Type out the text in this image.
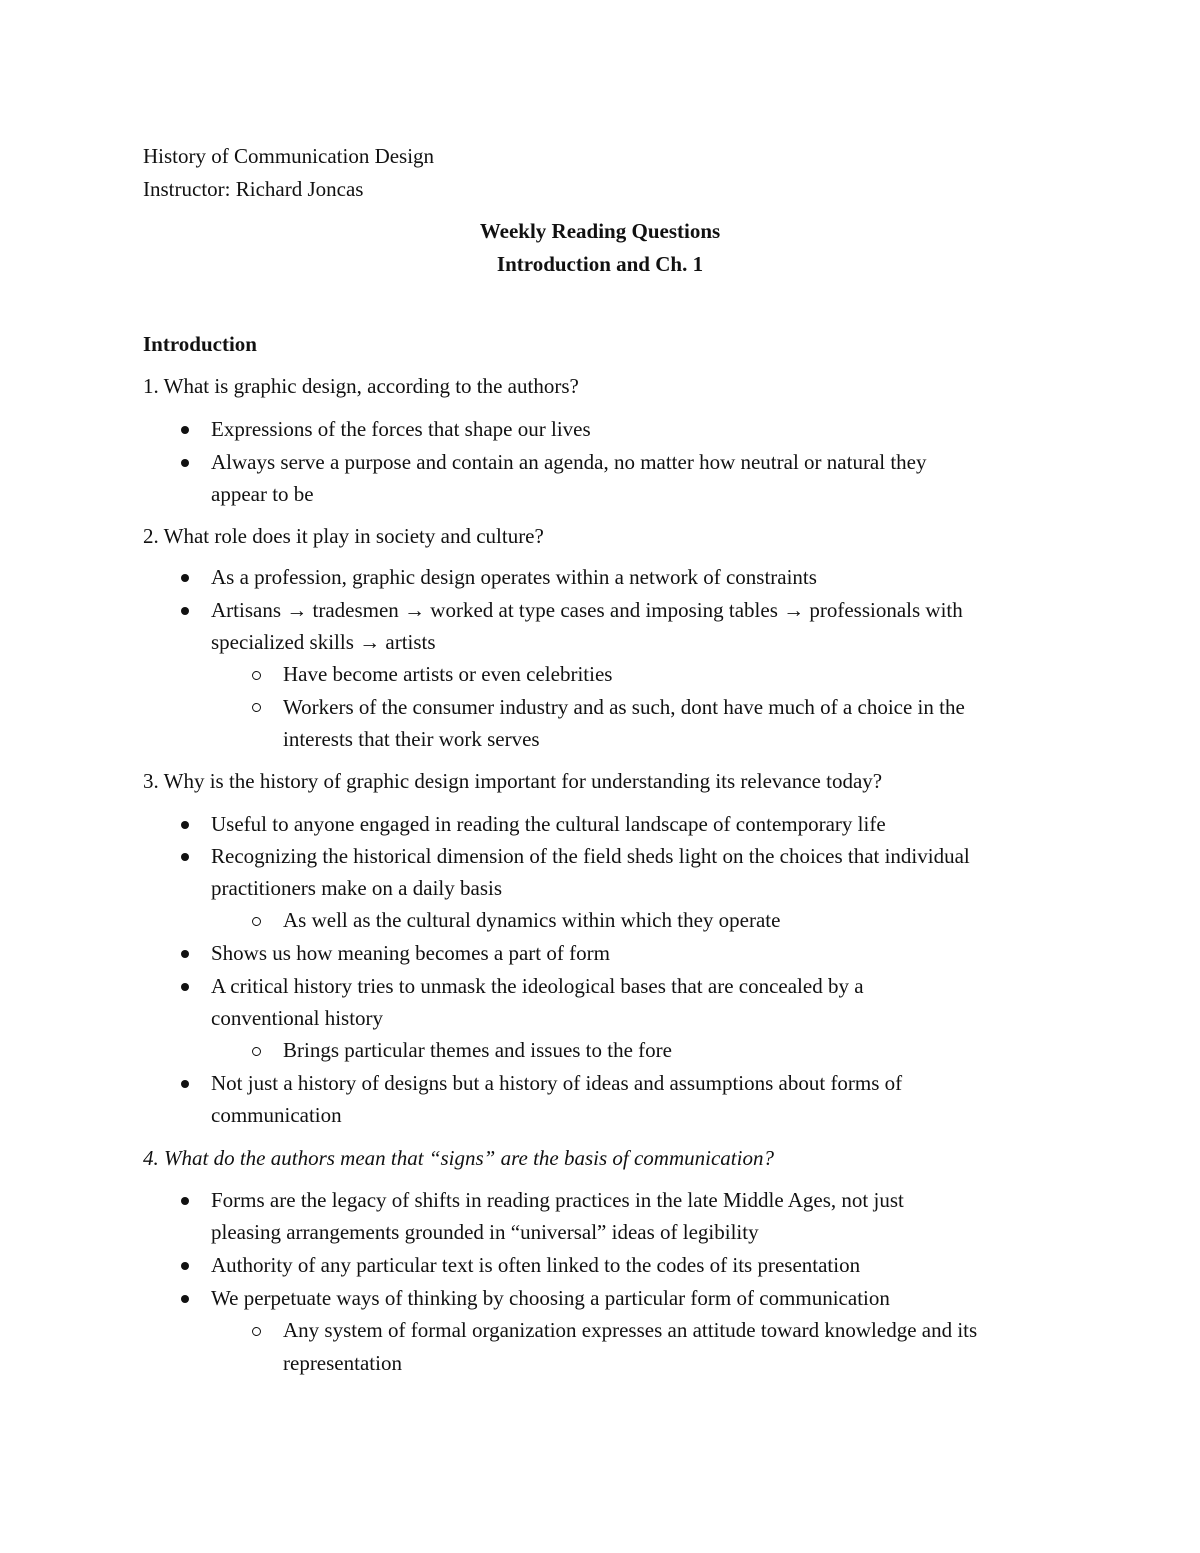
History of Communication Design
Instructor: Richard Joncas
Weekly Reading Questions
Introduction and Ch. 1
Introduction
1. What is graphic design, according to the authors?
Expressions of the forces that shape our lives
Always serve a purpose and contain an agenda, no matter how neutral or natural they
appear to be
2. What role does it play in society and culture?
As a profession, graphic design operates within a network of constraints
Artisans → tradesmen → worked at type cases and imposing tables → professionals with
specialized skills → artists
Have become artists or even celebrities
Workers of the consumer industry and as such, dont have much of a choice in the
interests that their work serves
3. Why is the history of graphic design important for understanding its relevance today?
Useful to anyone engaged in reading the cultural landscape of contemporary life
Recognizing the historical dimension of the field sheds light on the choices that individual
practitioners make on a daily basis
As well as the cultural dynamics within which they operate
Shows us how meaning becomes a part of form
A critical history tries to unmask the ideological bases that are concealed by a
conventional history
Brings particular themes and issues to the fore
Not just a history of designs but a history of ideas and assumptions about forms of
communication
4. What do the authors mean that “signs” are the basis of communication?
Forms are the legacy of shifts in reading practices in the late Middle Ages, not just
pleasing arrangements grounded in “universal” ideas of legibility
Authority of any particular text is often linked to the codes of its presentation
We perpetuate ways of thinking by choosing a particular form of communication
Any system of formal organization expresses an attitude toward knowledge and its
representation
